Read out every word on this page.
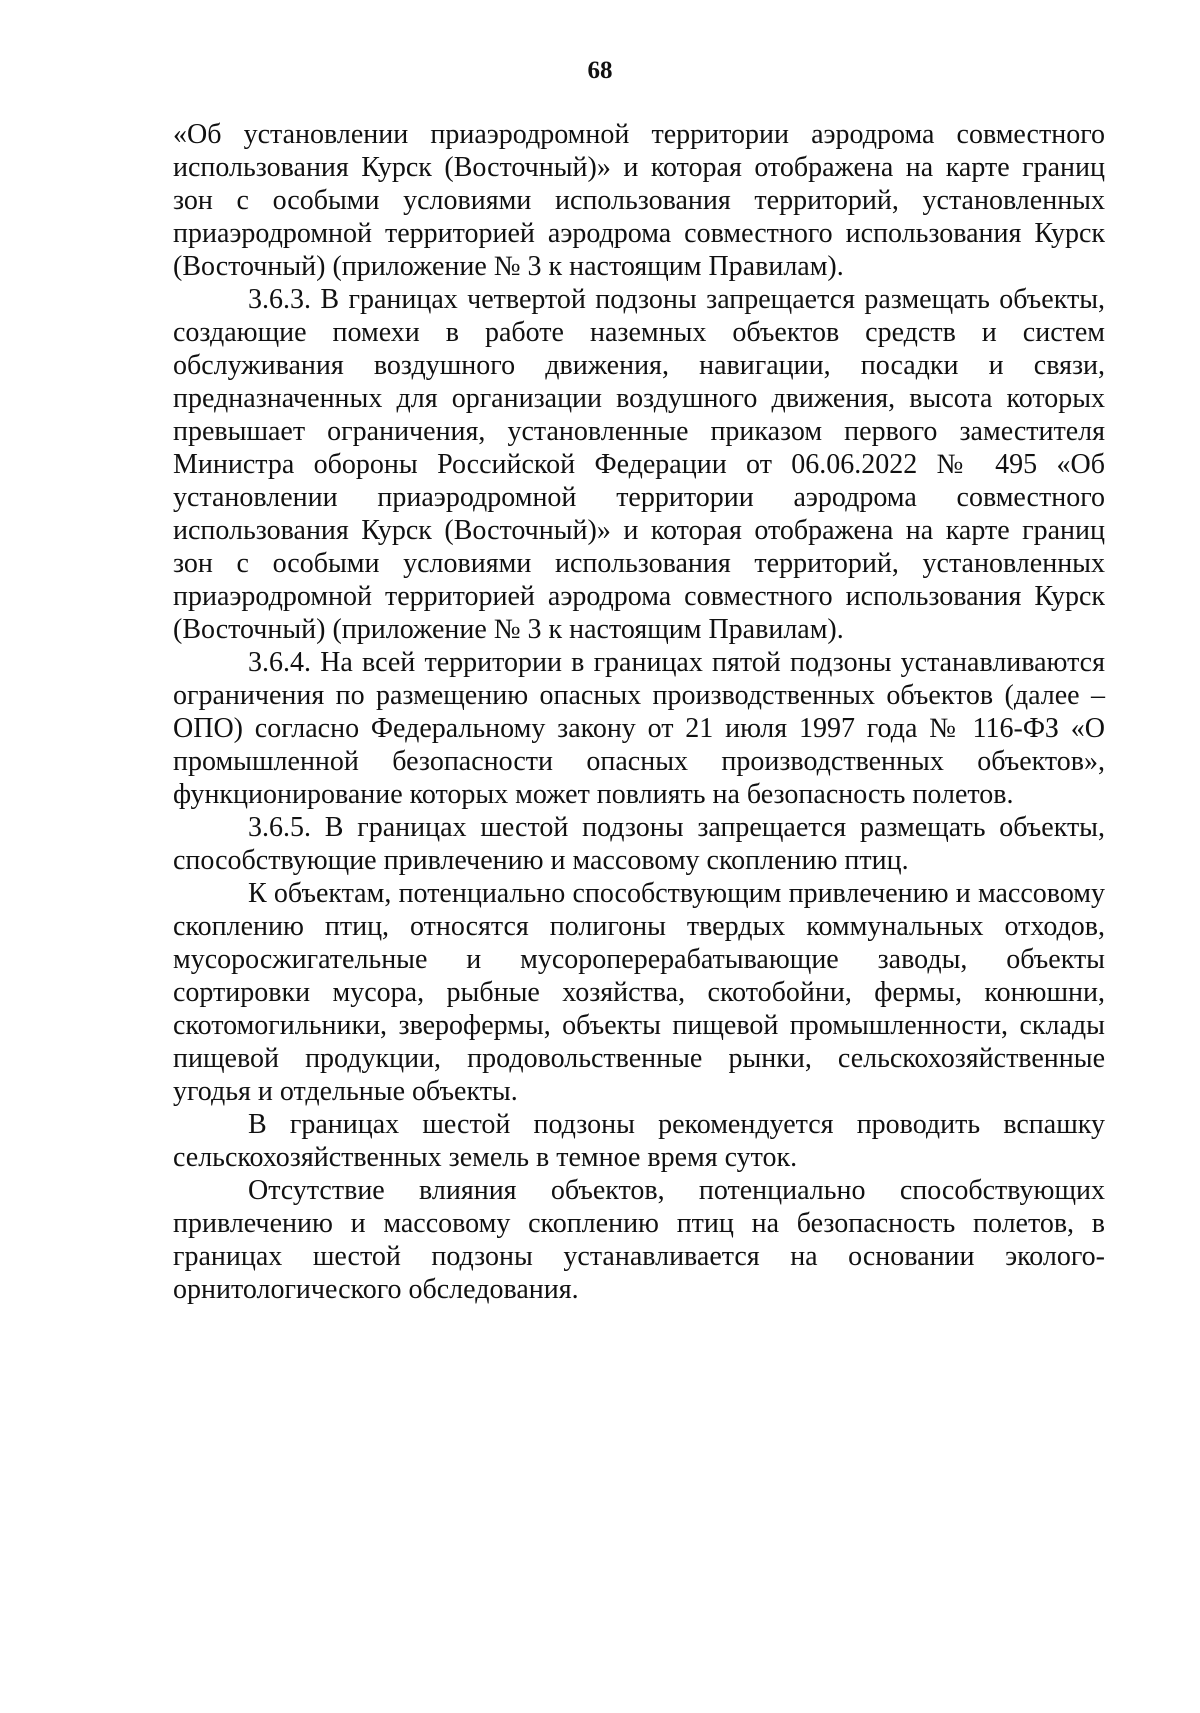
68

«Об установлении приаэродромной территории аэродрома совместного использования Курск (Восточный)» и которая отображена на карте границ зон с особыми условиями использования территорий, установленных приаэродромной территорией аэродрома совместного использования Курск (Восточный) (приложение № 3 к настоящим Правилам).

3.6.3. В границах четвертой подзоны запрещается размещать объекты, создающие помехи в работе наземных объектов средств и систем обслуживания воздушного движения, навигации, посадки и связи, предназначенных для организации воздушного движения, высота которых превышает ограничения, установленные приказом первого заместителя Министра обороны Российской Федерации от 06.06.2022 № 495 «Об установлении приаэродромной территории аэродрома совместного использования Курск (Восточный)» и которая отображена на карте границ зон с особыми условиями использования территорий, установленных приаэродромной территорией аэродрома совместного использования Курск (Восточный) (приложение № 3 к настоящим Правилам).

3.6.4. На всей территории в границах пятой подзоны устанавливаются ограничения по размещению опасных производственных объектов (далее – ОПО) согласно Федеральному закону от 21 июля 1997 года № 116-ФЗ «О промышленной безопасности опасных производственных объектов», функционирование которых может повлиять на безопасность полетов.

3.6.5. В границах шестой подзоны запрещается размещать объекты, способствующие привлечению и массовому скоплению птиц.

К объектам, потенциально способствующим привлечению и массовому скоплению птиц, относятся полигоны твердых коммунальных отходов, мусоросжигательные и мусороперерабатывающие заводы, объекты сортировки мусора, рыбные хозяйства, скотобойни, фермы, конюшни, скотомогильники, зверофермы, объекты пищевой промышленности, склады пищевой продукции, продовольственные рынки, сельскохозяйственные угодья и отдельные объекты.

В границах шестой подзоны рекомендуется проводить вспашку сельскохозяйственных земель в темное время суток.

Отсутствие влияния объектов, потенциально способствующих привлечению и массовому скоплению птиц на безопасность полетов, в границах шестой подзоны устанавливается на основании эколого-орнитологического обследования.
